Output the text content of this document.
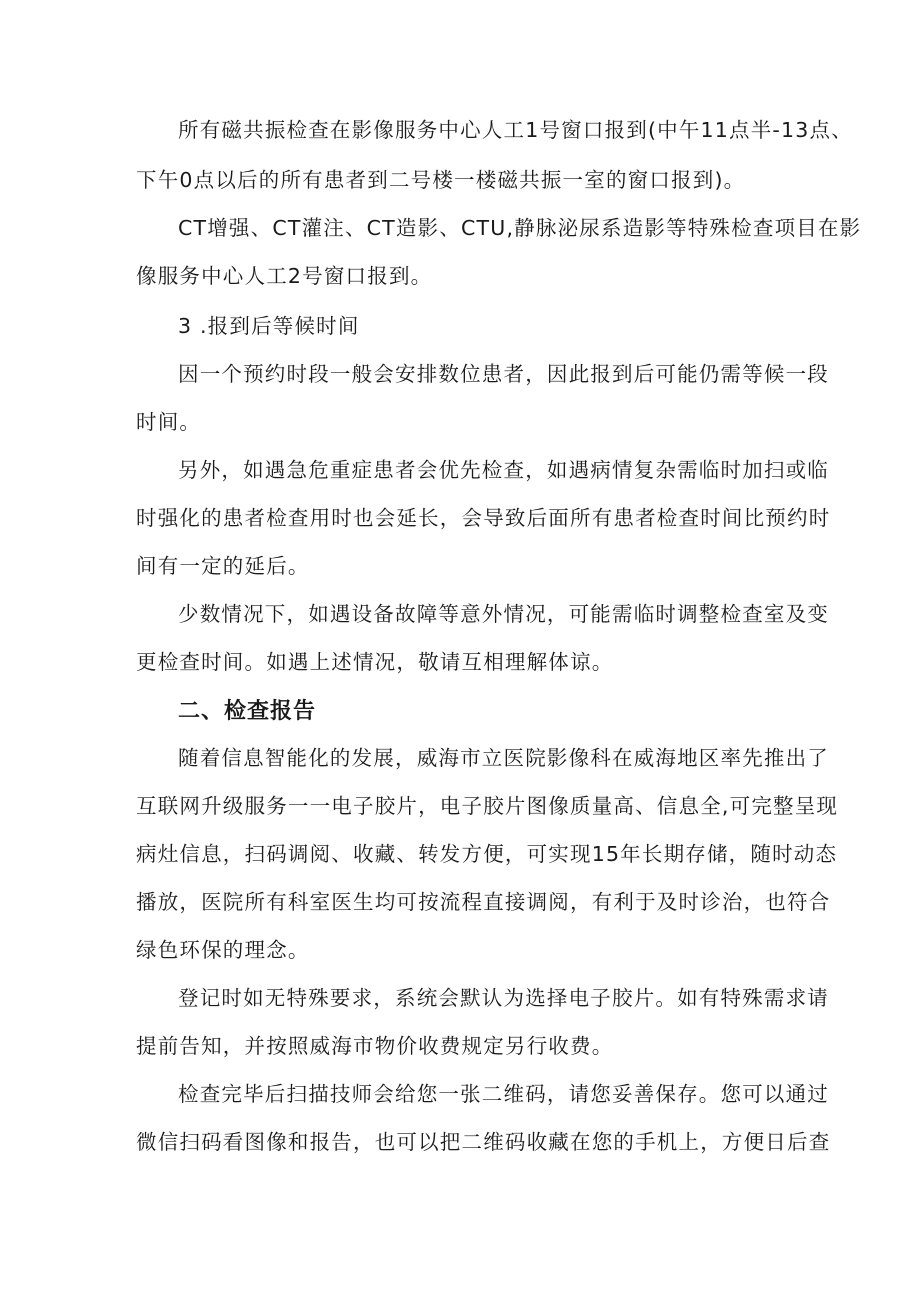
所有磁共振检查在影像服务中心人工1号窗口报到(中午11点半-13点、
下午0点以后的所有患者到二号楼一楼磁共振一室的窗口报到)。
CT增强、CT灌注、CT造影、CTU,静脉泌尿系造影等特殊检查项目在影
像服务中心人工2号窗口报到。
3 .报到后等候时间
因一个预约时段一般会安排数位患者，因此报到后可能仍需等候一段
时间。
另外，如遇急危重症患者会优先检查，如遇病情复杂需临时加扫或临
时强化的患者检查用时也会延长，会导致后面所有患者检查时间比预约时
间有一定的延后。
少数情况下，如遇设备故障等意外情况，可能需临时调整检查室及变
更检查时间。如遇上述情况，敬请互相理解体谅。
二、检查报告
随着信息智能化的发展，威海市立医院影像科在威海地区率先推出了
互联网升级服务一一电子胶片，电子胶片图像质量高、信息全,可完整呈现
病灶信息，扫码调阅、收藏、转发方便，可实现15年长期存储，随时动态
播放，医院所有科室医生均可按流程直接调阅，有利于及时诊治，也符合
绿色环保的理念。
登记时如无特殊要求，系统会默认为选择电子胶片。如有特殊需求请
提前告知，并按照威海市物价收费规定另行收费。
检查完毕后扫描技师会给您一张二维码，请您妥善保存。您可以通过
微信扫码看图像和报告，也可以把二维码收藏在您的手机上，方便日后查
